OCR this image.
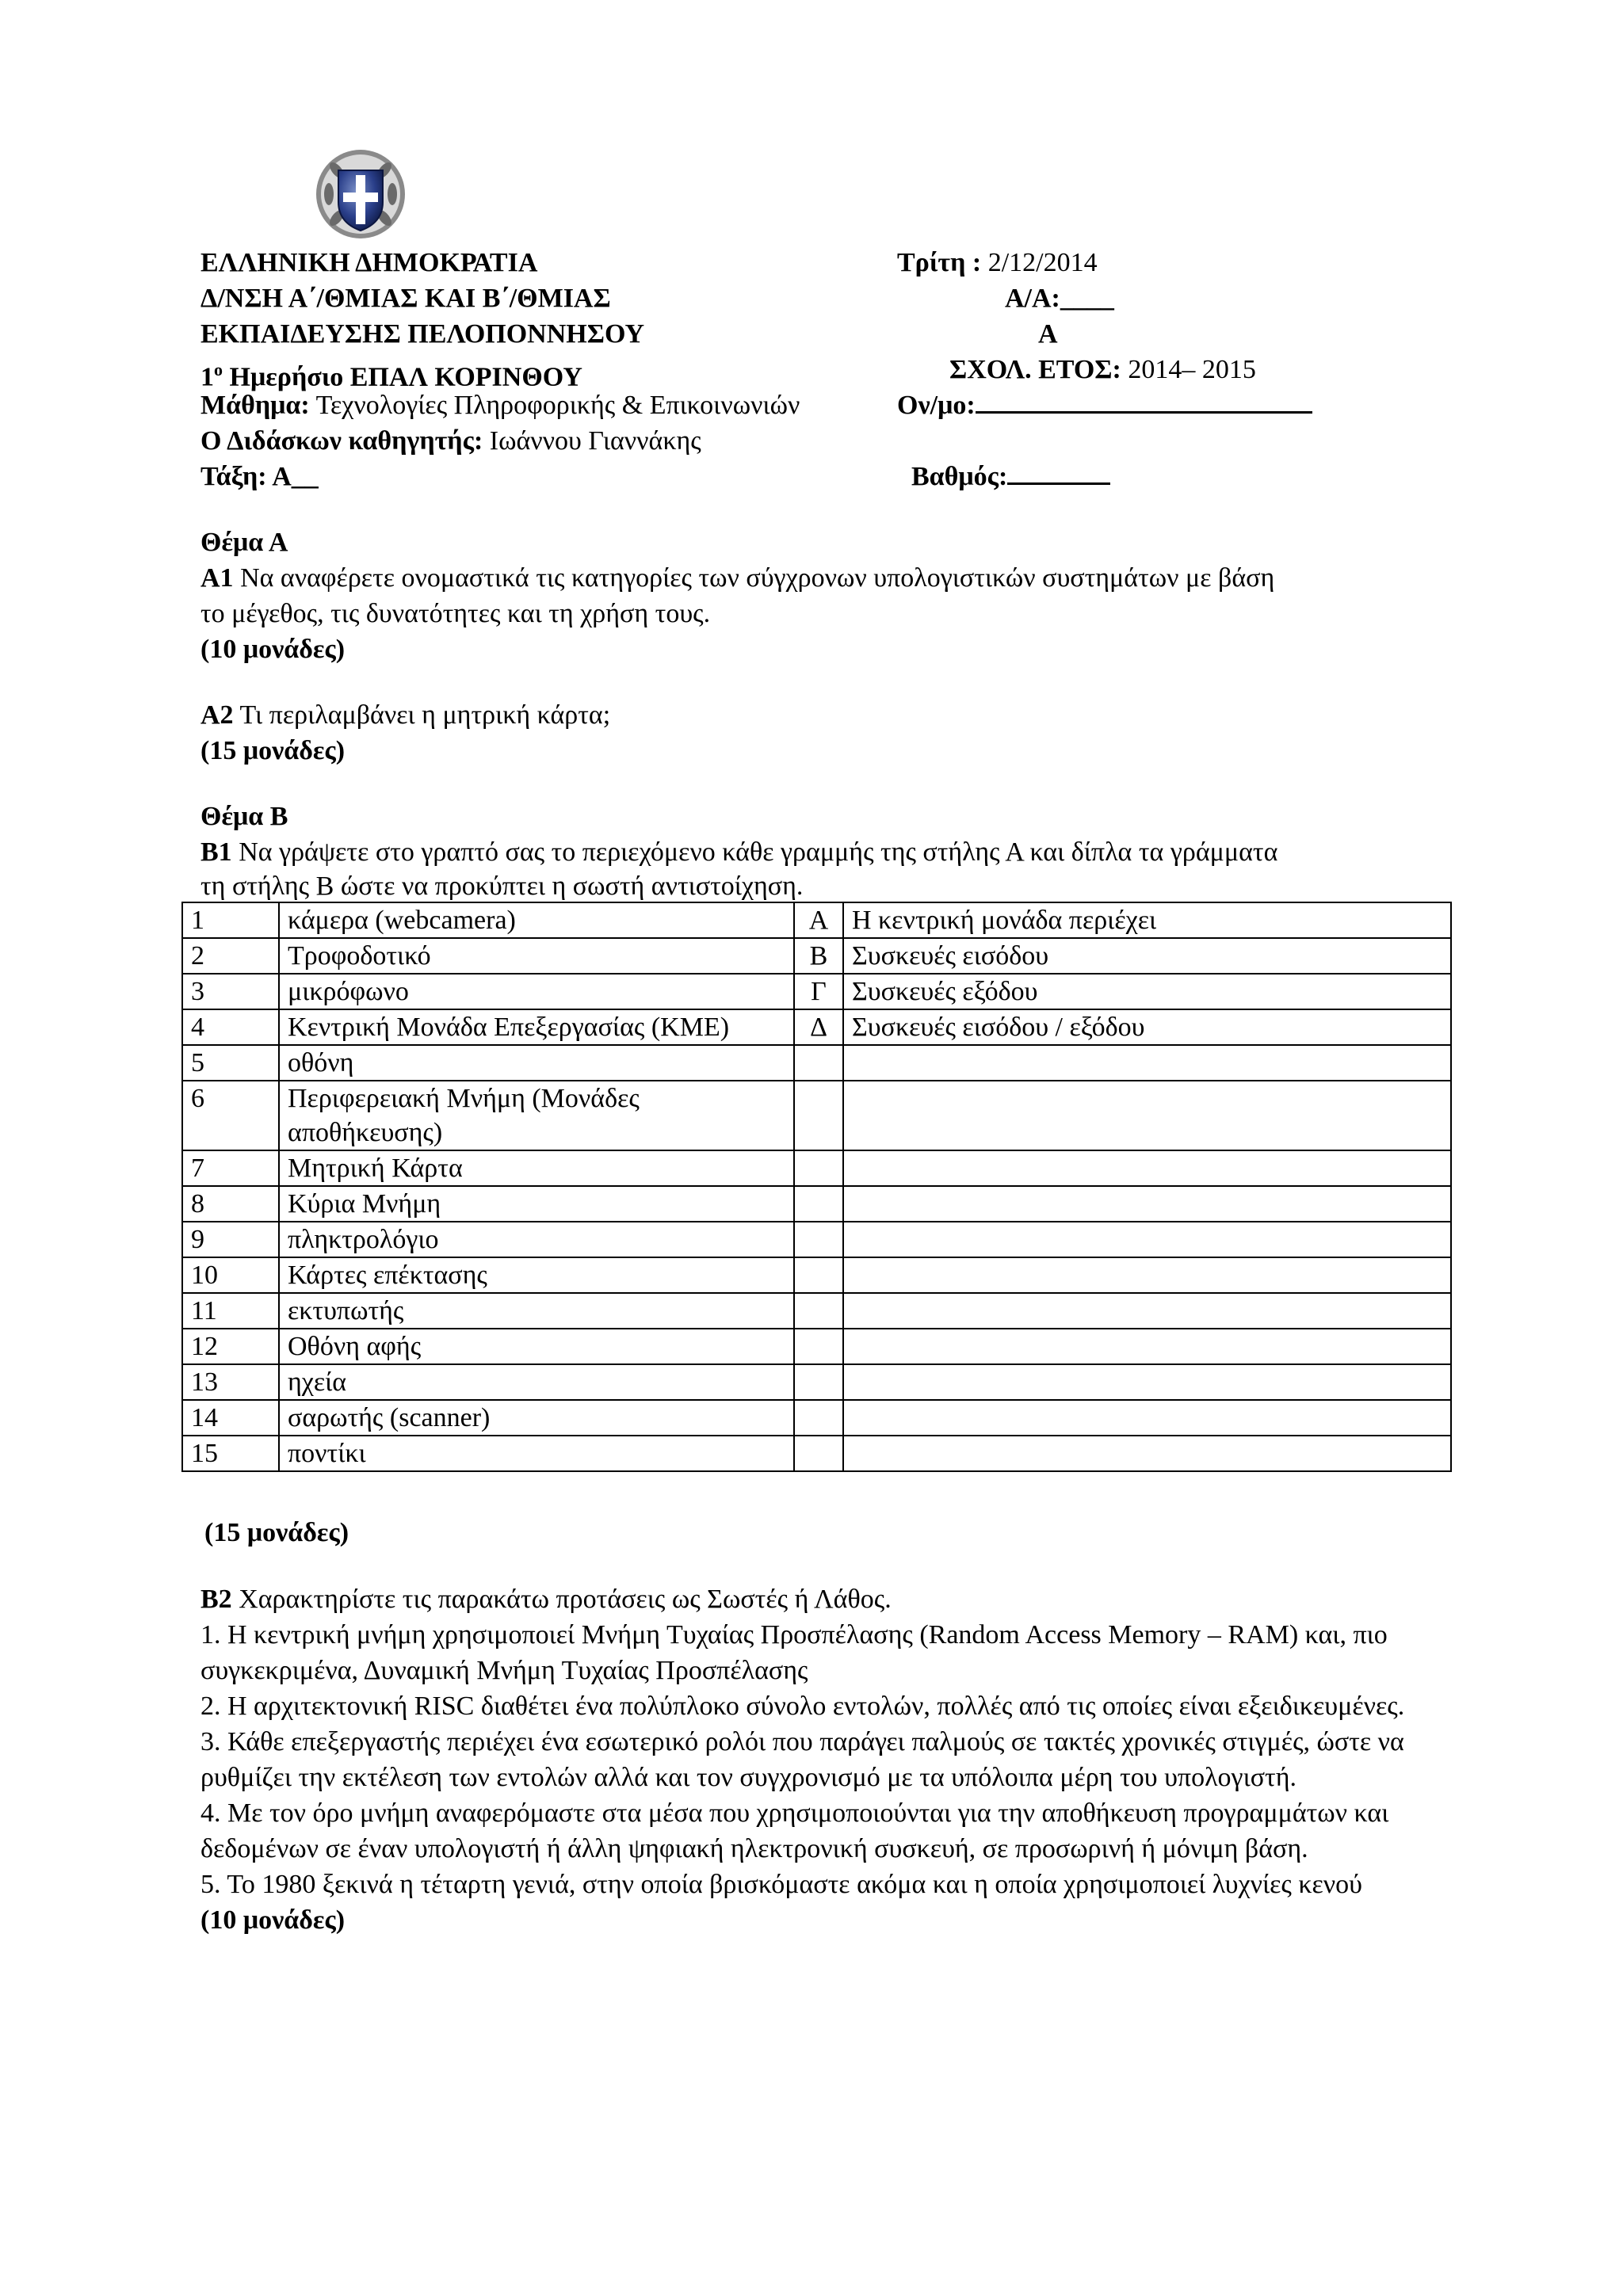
ΕΛΛΗΝΙΚΗ ΔΗΜΟΚΡΑΤΙΑ
Δ/ΝΣΗ Α΄/ΘΜΙΑΣ ΚΑΙ Β΄/ΘΜΙΑΣ
ΕΚΠΑΙΔΕΥΣΗΣ ΠΕΛΟΠΟΝΝΗΣΟΥ
$1^o$ Ημερήσιο ΕΠΑΛ ΚΟΡΙΝΘΟΥ
Μάθημα: Τεχνολογίες Πληροφορικής & Επικοινωνιών
Ο Διδάσκων καθηγητής: Ιωάννου Γιαννάκης
Τάξη: Α__
Τρίτη : 2/12/2014
Α/Α:____
Α
ΣΧΟΛ. ΕΤΟΣ: 2014– 2015
Ον/μο:
Βαθμός:
Θέμα Α
Α1 Να αναφέρετε ονομαστικά τις κατηγορίες των σύγχρονων υπολογιστικών συστημάτων με βάση
το μέγεθος, τις δυνατότητες και τη χρήση τους.
(10 μονάδες)
Α2 Τι περιλαμβάνει η μητρική κάρτα;
(15 μονάδες)
Θέμα Β
Β1 Να γράψετε στο γραπτό σας το περιεχόμενο κάθε γραμμής της στήλης Α και δίπλα τα γράμματα
τη στήλης Β ώστε να προκύπτει η σωστή αντιστοίχηση.
1	κάμερα (webcamera)	Α	Η κεντρική μονάδα περιέχει
2	Τροφοδοτικό	Β	Συσκευές εισόδου
3	μικρόφωνο	Γ	Συσκευές εξόδου
4	Κεντρική Μονάδα Επεξεργασίας (ΚΜΕ)	Δ	Συσκευές εισόδου / εξόδου
5	οθόνη		
6	Περιφερειακή Μνήμη (Μονάδες αποθήκευσης)		
7	Μητρική Κάρτα		
8	Κύρια Μνήμη		
9	πληκτρολόγιο		
10	Κάρτες επέκτασης		
11	εκτυπωτής		
12	Οθόνη αφής		
13	ηχεία		
14	σαρωτής (scanner)		
15	ποντίκι		
(15 μονάδες)
Β2 Χαρακτηρίστε τις παρακάτω προτάσεις ως Σωστές ή Λάθος.
1. Η κεντρική μνήμη χρησιμοποιεί Μνήμη Τυχαίας Προσπέλασης (Random Access Memory – RAM) και, πιο συγκεκριμένα, Δυναμική Μνήμη Τυχαίας Προσπέλασης
2. Η αρχιτεκτονική RISC διαθέτει ένα πολύπλοκο σύνολο εντολών, πολλές από τις οποίες είναι εξειδικευμένες.
3. Κάθε επεξεργαστής περιέχει ένα εσωτερικό ρολόι που παράγει παλμούς σε τακτές χρονικές στιγμές, ώστε να ρυθμίζει την εκτέλεση των εντολών αλλά και τον συγχρονισμό με τα υπόλοιπα μέρη του υπολογιστή.
4. Με τον όρο μνήμη αναφερόμαστε στα μέσα που χρησιμοποιούνται για την αποθήκευση προγραμμάτων και δεδομένων σε έναν υπολογιστή ή άλλη ψηφιακή ηλεκτρονική συσκευή, σε προσωρινή ή μόνιμη βάση.
5. Το 1980 ξεκινά η τέταρτη γενιά, στην οποία βρισκόμαστε ακόμα και η οποία χρησιμοποιεί λυχνίες κενού
(10 μονάδες)
